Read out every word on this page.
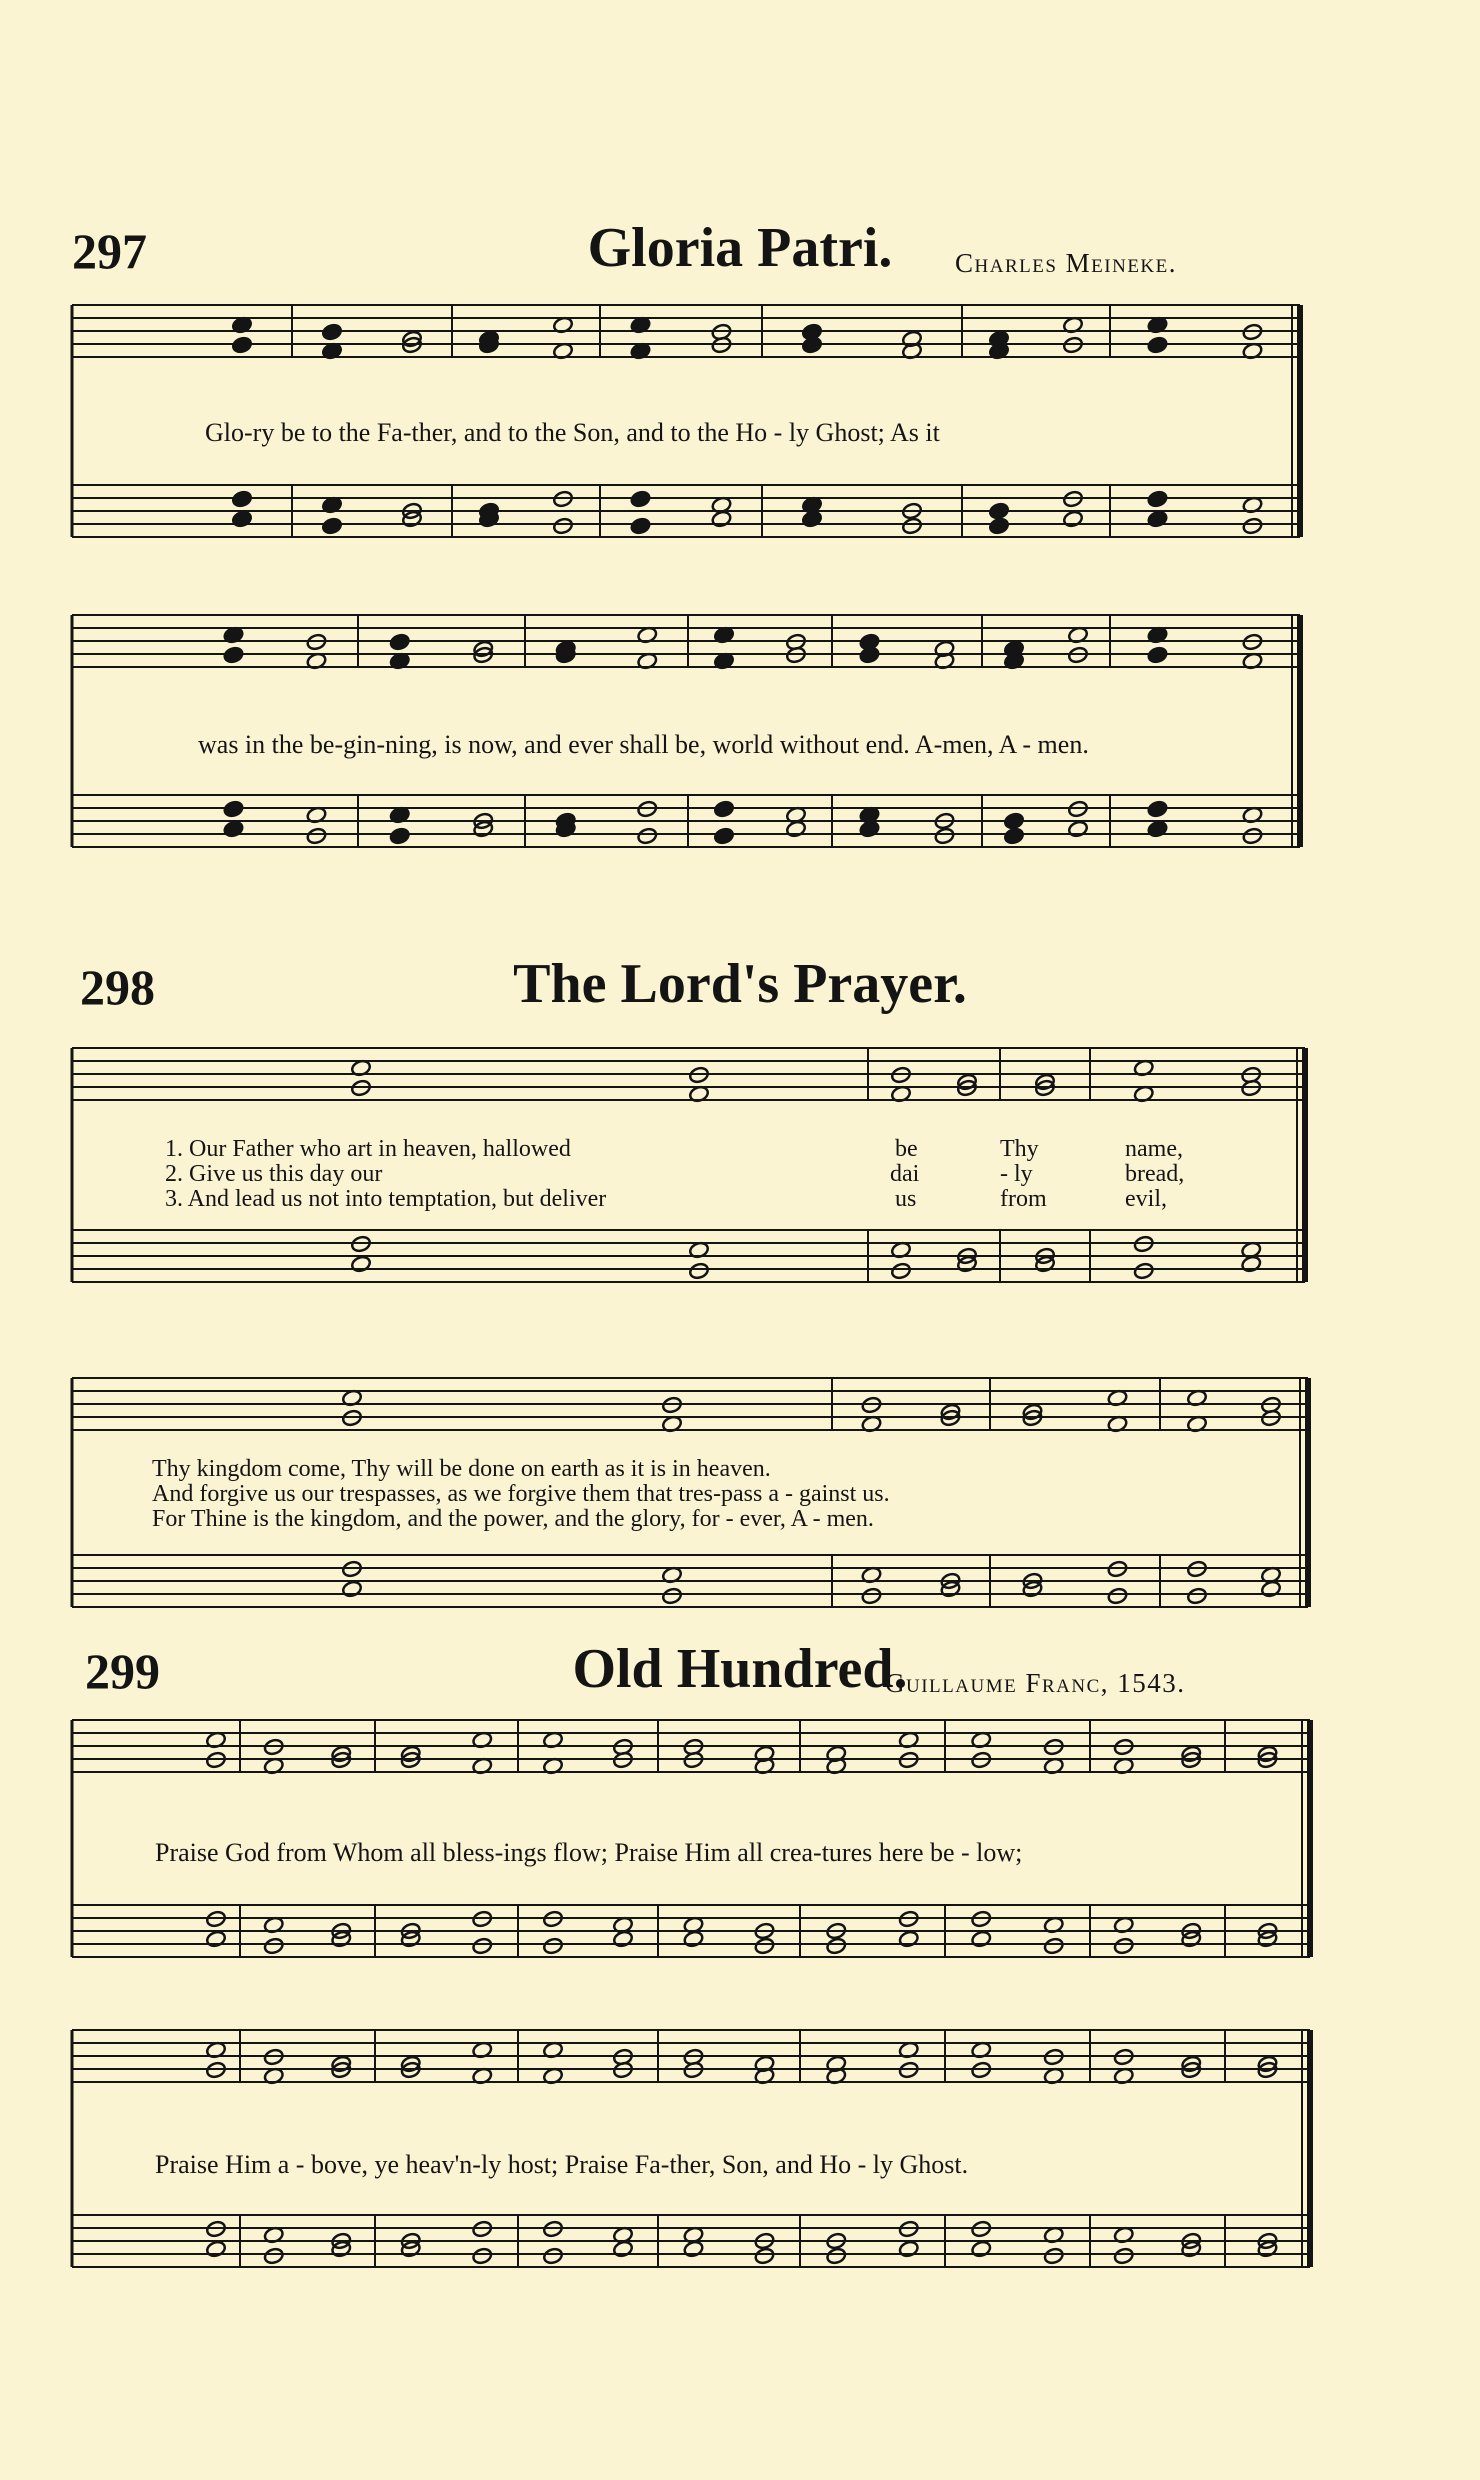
297	Gloria Patri.	Charles Meineke.
Glo-ry be to the Fa-ther, and to the Son, and to the Ho - ly Ghost; As it
was in the be-gin-ning, is now, and ever shall be, world without end. A-men, A - men.
298	The Lord's Prayer.
1. Our Father who art in heaven, hallowed	be	Thy	name,
2. Give us this day our	dai	- ly	bread,
3. And lead us not into temptation, but deliver	us	from	evil,
Thy kingdom come, Thy will be done on earth as it is in heaven.
And forgive us our trespasses, as we forgive them that tres-pass a - gainst us.
For Thine is the kingdom, and the power, and the glory, for - ever, A - men.
299	Old Hundred.
Guillaume Franc, 1543.
Praise God from Whom all bless-ings flow; Praise Him all crea-tures here be - low;
Praise Him a - bove, ye heav'n-ly host; Praise Fa-ther, Son, and Ho - ly Ghost.
